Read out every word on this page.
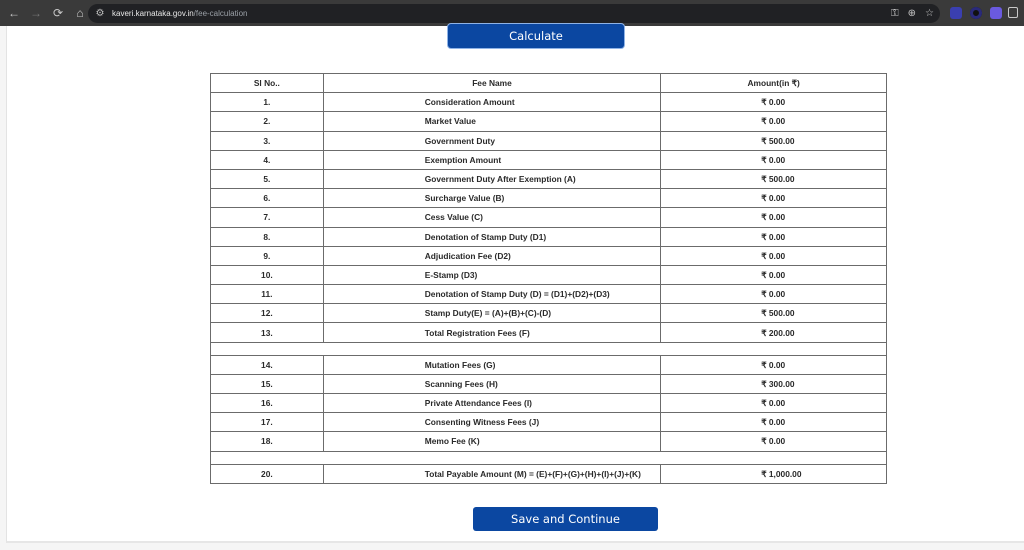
← → ⟳	⌂	⚙ kaveri.karnataka.gov.in/fee-calculation	⚿ ⊕ ☆
Calculate
Sl No..	Fee Name	Amount(in ₹)
1.	Consideration Amount	₹ 0.00
2.	Market Value	₹ 0.00
3.	Government Duty	₹ 500.00
4.	Exemption Amount	₹ 0.00
5.	Government Duty After Exemption (A)	₹ 500.00
6.	Surcharge Value (B)	₹ 0.00
7.	Cess Value (C)	₹ 0.00
8.	Denotation of Stamp Duty (D1)	₹ 0.00
9.	Adjudication Fee (D2)	₹ 0.00
10.	E-Stamp (D3)	₹ 0.00
11.	Denotation of Stamp Duty (D) = (D1)+(D2)+(D3)	₹ 0.00
12.	Stamp Duty(E) = (A)+(B)+(C)-(D)	₹ 500.00
13.	Total Registration Fees (F)	₹ 200.00

14.	Mutation Fees (G)	₹ 0.00
15.	Scanning Fees (H)	₹ 300.00
16.	Private Attendance Fees (I)	₹ 0.00
17.	Consenting Witness Fees (J)	₹ 0.00
18.	Memo Fee (K)	₹ 0.00

20.	Total Payable Amount (M) = (E)+(F)+(G)+(H)+(I)+(J)+(K)	₹ 1,000.00
Save and Continue
